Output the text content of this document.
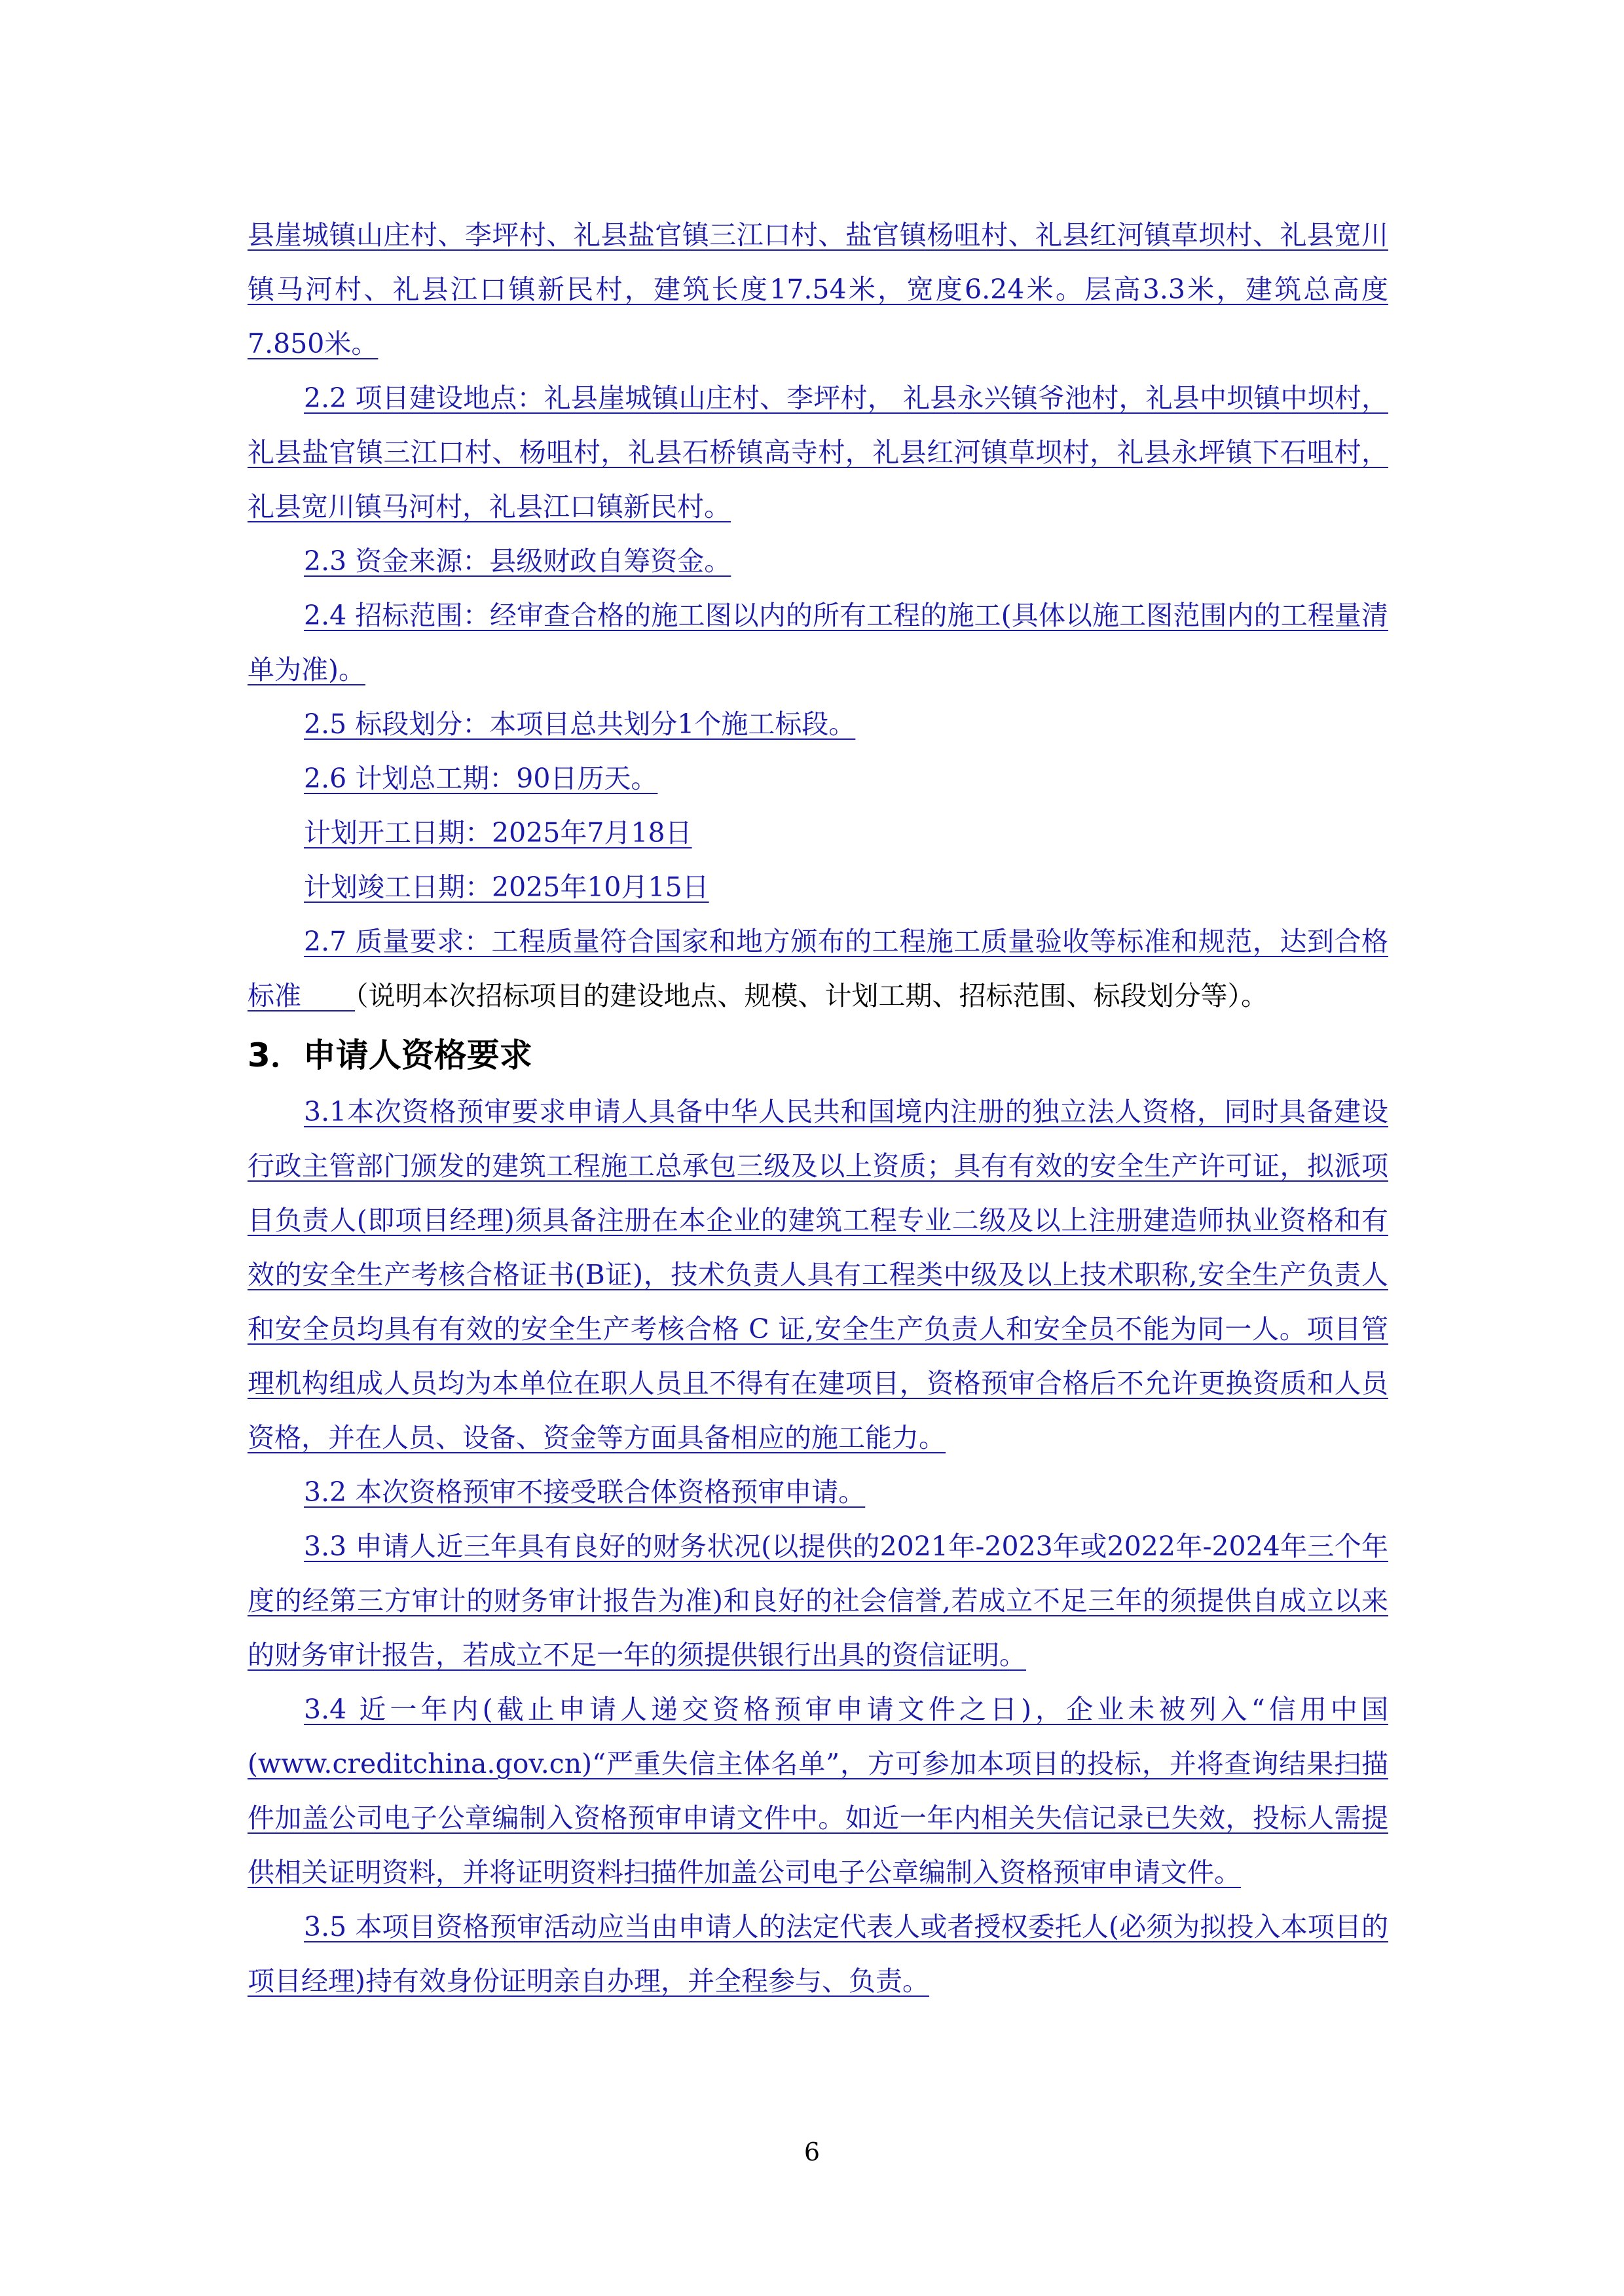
县崖城镇山庄村、李坪村、礼县盐官镇三江口村、盐官镇杨咀村、礼县红河镇草坝村、礼县宽川镇马河村、礼县江口镇新民村，建筑长度17.54米，宽度6.24米。层高3.3米，建筑总高度7.850米。

2.2 项目建设地点：礼县崖城镇山庄村、李坪村， 礼县永兴镇爷池村，礼县中坝镇中坝村，礼县盐官镇三江口村、杨咀村，礼县石桥镇高寺村，礼县红河镇草坝村，礼县永坪镇下石咀村，礼县宽川镇马河村，礼县江口镇新民村。

2.3 资金来源：县级财政自筹资金。

2.4 招标范围：经审查合格的施工图以内的所有工程的施工(具体以施工图范围内的工程量清单为准)。

2.5 标段划分：本项目总共划分1个施工标段。

2.6 计划总工期：90日历天。

计划开工日期：2025年7月18日

计划竣工日期：2025年10月15日

2.7 质量要求：工程质量符合国家和地方颁布的工程施工质量验收等标准和规范，达到合格标准　　（说明本次招标项目的建设地点、规模、计划工期、招标范围、标段划分等）。

3．申请人资格要求

3.1本次资格预审要求申请人具备中华人民共和国境内注册的独立法人资格，同时具备建设行政主管部门颁发的建筑工程施工总承包三级及以上资质；具有有效的安全生产许可证，拟派项目负责人(即项目经理)须具备注册在本企业的建筑工程专业二级及以上注册建造师执业资格和有效的安全生产考核合格证书(B证)，技术负责人具有工程类中级及以上技术职称,安全生产负责人和安全员均具有有效的安全生产考核合格 C 证,安全生产负责人和安全员不能为同一人。项目管理机构组成人员均为本单位在职人员且不得有在建项目，资格预审合格后不允许更换资质和人员资格，并在人员、设备、资金等方面具备相应的施工能力。

3.2 本次资格预审不接受联合体资格预审申请。

3.3 申请人近三年具有良好的财务状况(以提供的2021年-2023年或2022年-2024年三个年度的经第三方审计的财务审计报告为准)和良好的社会信誉,若成立不足三年的须提供自成立以来的财务审计报告，若成立不足一年的须提供银行出具的资信证明。

3.4 近一年内(截止申请人递交资格预审申请文件之日)，企业未被列入“信用中国(www.creditchina.gov.cn)“严重失信主体名单”，方可参加本项目的投标，并将查询结果扫描件加盖公司电子公章编制入资格预审申请文件中。如近一年内相关失信记录已失效，投标人需提供相关证明资料，并将证明资料扫描件加盖公司电子公章编制入资格预审申请文件。

3.5 本项目资格预审活动应当由申请人的法定代表人或者授权委托人(必须为拟投入本项目的项目经理)持有效身份证明亲自办理，并全程参与、负责。

6
